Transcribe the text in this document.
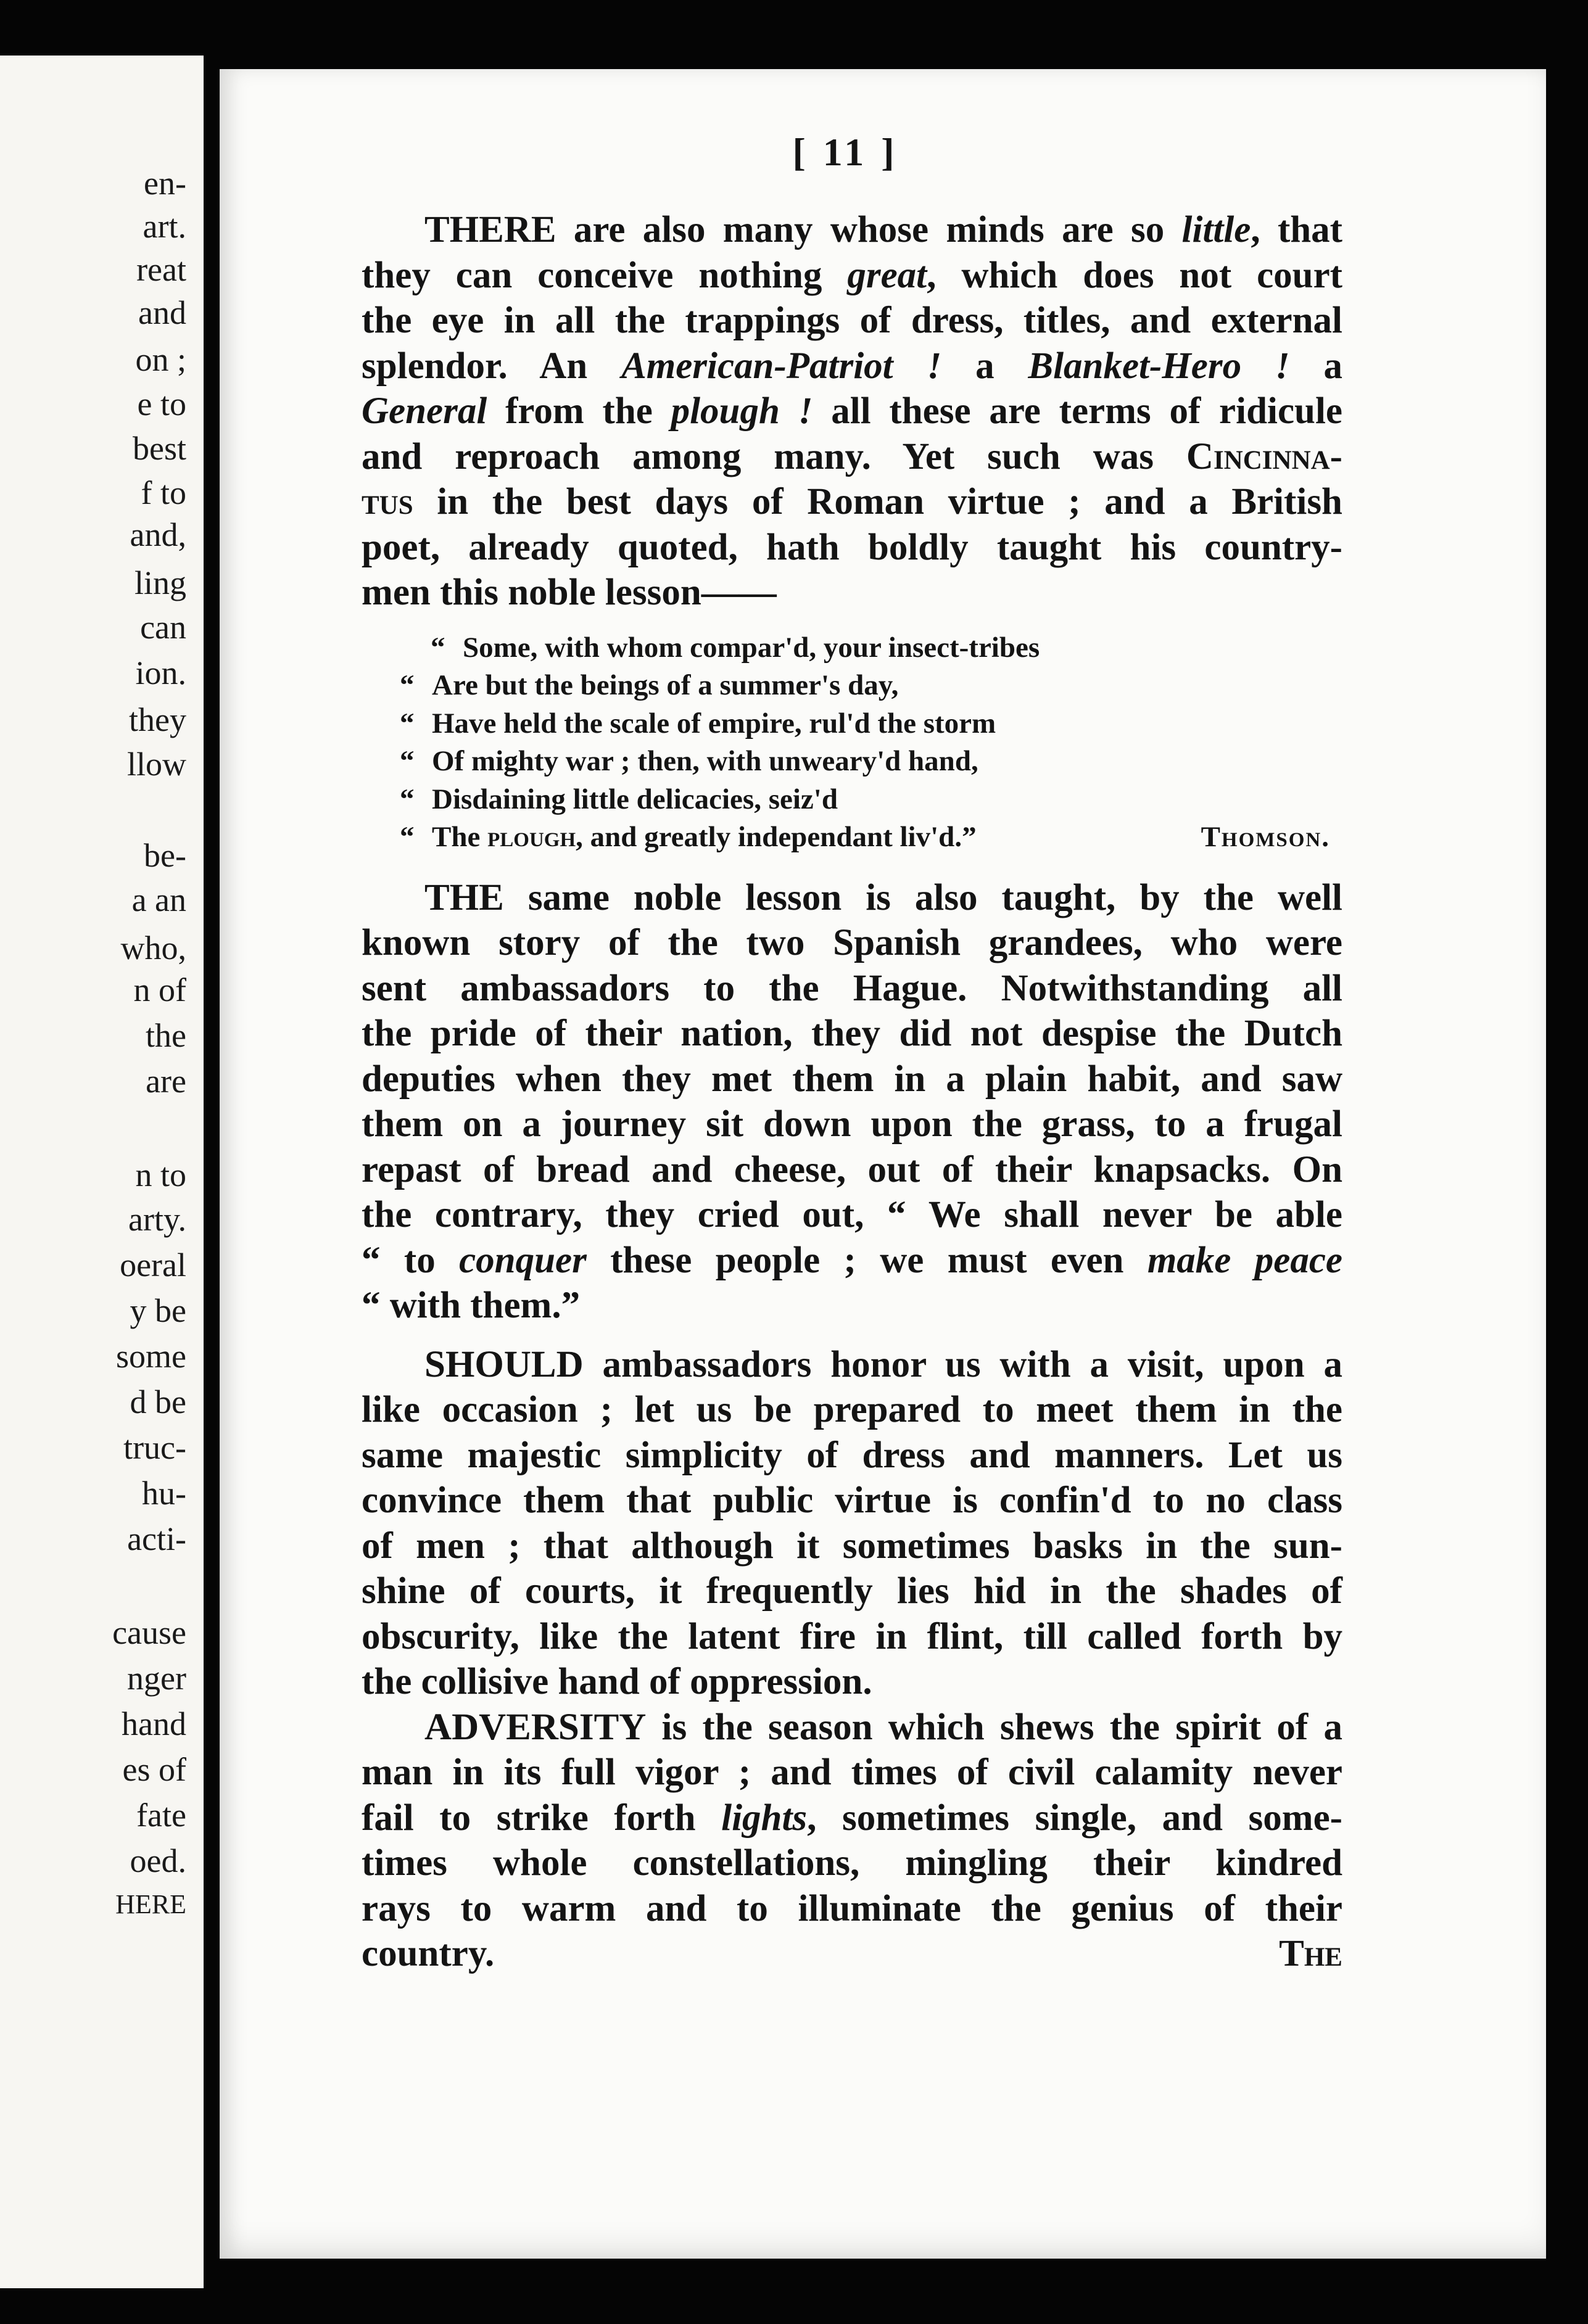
en-
art.
reat
and
on ;
e to
best
f to
and,
ling
can
ion.
they
llow
be-
a an
who,
n of
the
are
n to
arty.
oeral
y be
some
d be
truc-
hu-
acti-
cause
nger
hand
es of
fate
oed.
HERE
[ 11 ]
THERE are also many whose minds are so little, that
they can conceive nothing great, which does not court
the eye in all the trappings of dress, titles, and external
splendor. An American-Patriot ! a Blanket-Hero ! a
General from the plough ! all these are terms of ridicule
and reproach among many. Yet such was Cincinna-
tus in the best days of Roman virtue ; and a British
poet, already quoted, hath boldly taught his country-
men this noble lesson——
“ Some, with whom compar'd, your insect-tribes
“ Are but the beings of a summer's day,
“ Have held the scale of empire, rul'd the storm
“ Of mighty war ; then, with unweary'd hand,
“ Disdaining little delicacies, seiz'd
“ The plough, and greatly independant liv'd.”	Thomson.
THE same noble lesson is also taught, by the well
known story of the two Spanish grandees, who were
sent ambassadors to the Hague. Notwithstanding all
the pride of their nation, they did not despise the Dutch
deputies when they met them in a plain habit, and saw
them on a journey sit down upon the grass, to a frugal
repast of bread and cheese, out of their knapsacks. On
the contrary, they cried out, “ We shall never be able
“ to conquer these people ; we must even make peace
“ with them.”
SHOULD ambassadors honor us with a visit, upon a
like occasion ; let us be prepared to meet them in the
same majestic simplicity of dress and manners. Let us
convince them that public virtue is confin'd to no class
of men ; that although it sometimes basks in the sun-
shine of courts, it frequently lies hid in the shades of
obscurity, like the latent fire in flint, till called forth by
the collisive hand of oppression.
ADVERSITY is the season which shews the spirit of a
man in its full vigor ; and times of civil calamity never
fail to strike forth lights, sometimes single, and some-
times whole constellations, mingling their kindred
rays to warm and to illuminate the genius of their
country.	The
